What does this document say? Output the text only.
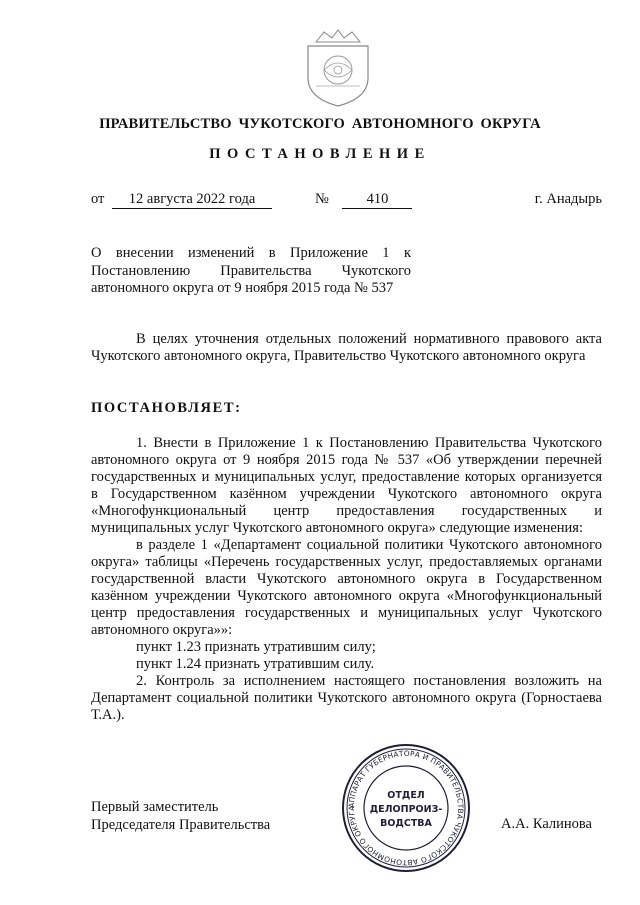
ПРАВИТЕЛЬСТВО ЧУКОТСКОГО АВТОНОМНОГО ОКРУГА
ПОСТАНОВЛЕНИЕ
от 12 августа 2022 года	№	410	г. Анадырь
О внесении изменений в Приложение 1 к Постановлению Правительства Чукотского автономного округа от 9 ноября 2015 года № 537

В целях уточнения отдельных положений нормативного правового акта Чукотского автономного округа, Правительство Чукотского автономного округа

ПОСТАНОВЛЯЕТ:

1. Внести в Приложение 1 к Постановлению Правительства Чукотского автономного округа от 9 ноября 2015 года № 537 «Об утверждении перечней государственных и муниципальных услуг, предоставление которых организуется в Государственном казённом учреждении Чукотского автономного округа «Многофункциональный центр предоставления государственных и муниципальных услуг Чукотского автономного округа» следующие изменения:

в разделе 1 «Департамент социальной политики Чукотского автономного округа» таблицы «Перечень государственных услуг, предоставляемых органами государственной власти Чукотского автономного округа в Государственном казённом учреждении Чукотского автономного округа «Многофункциональный центр предоставления государственных и муниципальных услуг Чукотского автономного округа»»:

пункт 1.23 признать утратившим силу;

пункт 1.24 признать утратившим силу.

2. Контроль за исполнением настоящего постановления возложить на Департамент социальной политики Чукотского автономного округа (Горностаева Т.А.).

Первый заместитель
Председателя Правительства	А.А. Калинова
АППАРАТ ГУБЕРНАТОРА И ПРАВИТЕЛЬСТВА ЧУКОТСКОГО АВТОНОМНОГО ОКРУГА
ОТДЕЛ
ДЕЛОПРОИЗ-
ВОДСТВА
